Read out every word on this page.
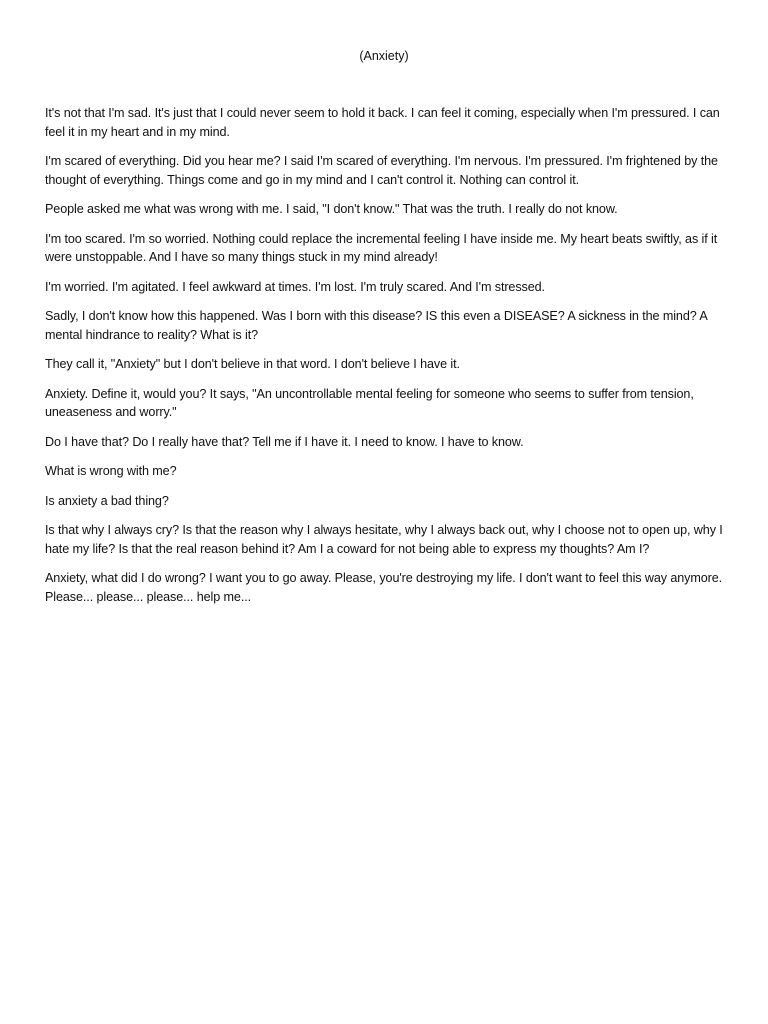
(Anxiety)

It's not that I'm sad. It's just that I could never seem to hold it back. I can feel it coming, especially when I'm pressured. I can feel it in my heart and in my mind.

I'm scared of everything. Did you hear me? I said I'm scared of everything. I'm nervous. I'm pressured. I'm frightened by the thought of everything. Things come and go in my mind and I can't control it. Nothing can control it.

People asked me what was wrong with me. I said, "I don't know." That was the truth. I really do not know.

I'm too scared. I'm so worried. Nothing could replace the incremental feeling I have inside me. My heart beats swiftly, as if it were unstoppable. And I have so many things stuck in my mind already!

I'm worried. I'm agitated. I feel awkward at times. I'm lost. I'm truly scared. And I'm stressed.

Sadly, I don't know how this happened. Was I born with this disease? IS this even a DISEASE? A sickness in the mind? A mental hindrance to reality? What is it?

They call it, "Anxiety" but I don't believe in that word. I don't believe I have it.

Anxiety. Define it, would you? It says, "An uncontrollable mental feeling for someone who seems to suffer from tension, uneaseness and worry."

Do I have that? Do I really have that? Tell me if I have it. I need to know. I have to know.

What is wrong with me?

Is anxiety a bad thing?

Is that why I always cry? Is that the reason why I always hesitate, why I always back out, why I choose not to open up, why I hate my life? Is that the real reason behind it? Am I a coward for not being able to express my thoughts? Am I?

Anxiety, what did I do wrong? I want you to go away. Please, you're destroying my life. I don't want to feel this way anymore. Please... please... please... help me...
